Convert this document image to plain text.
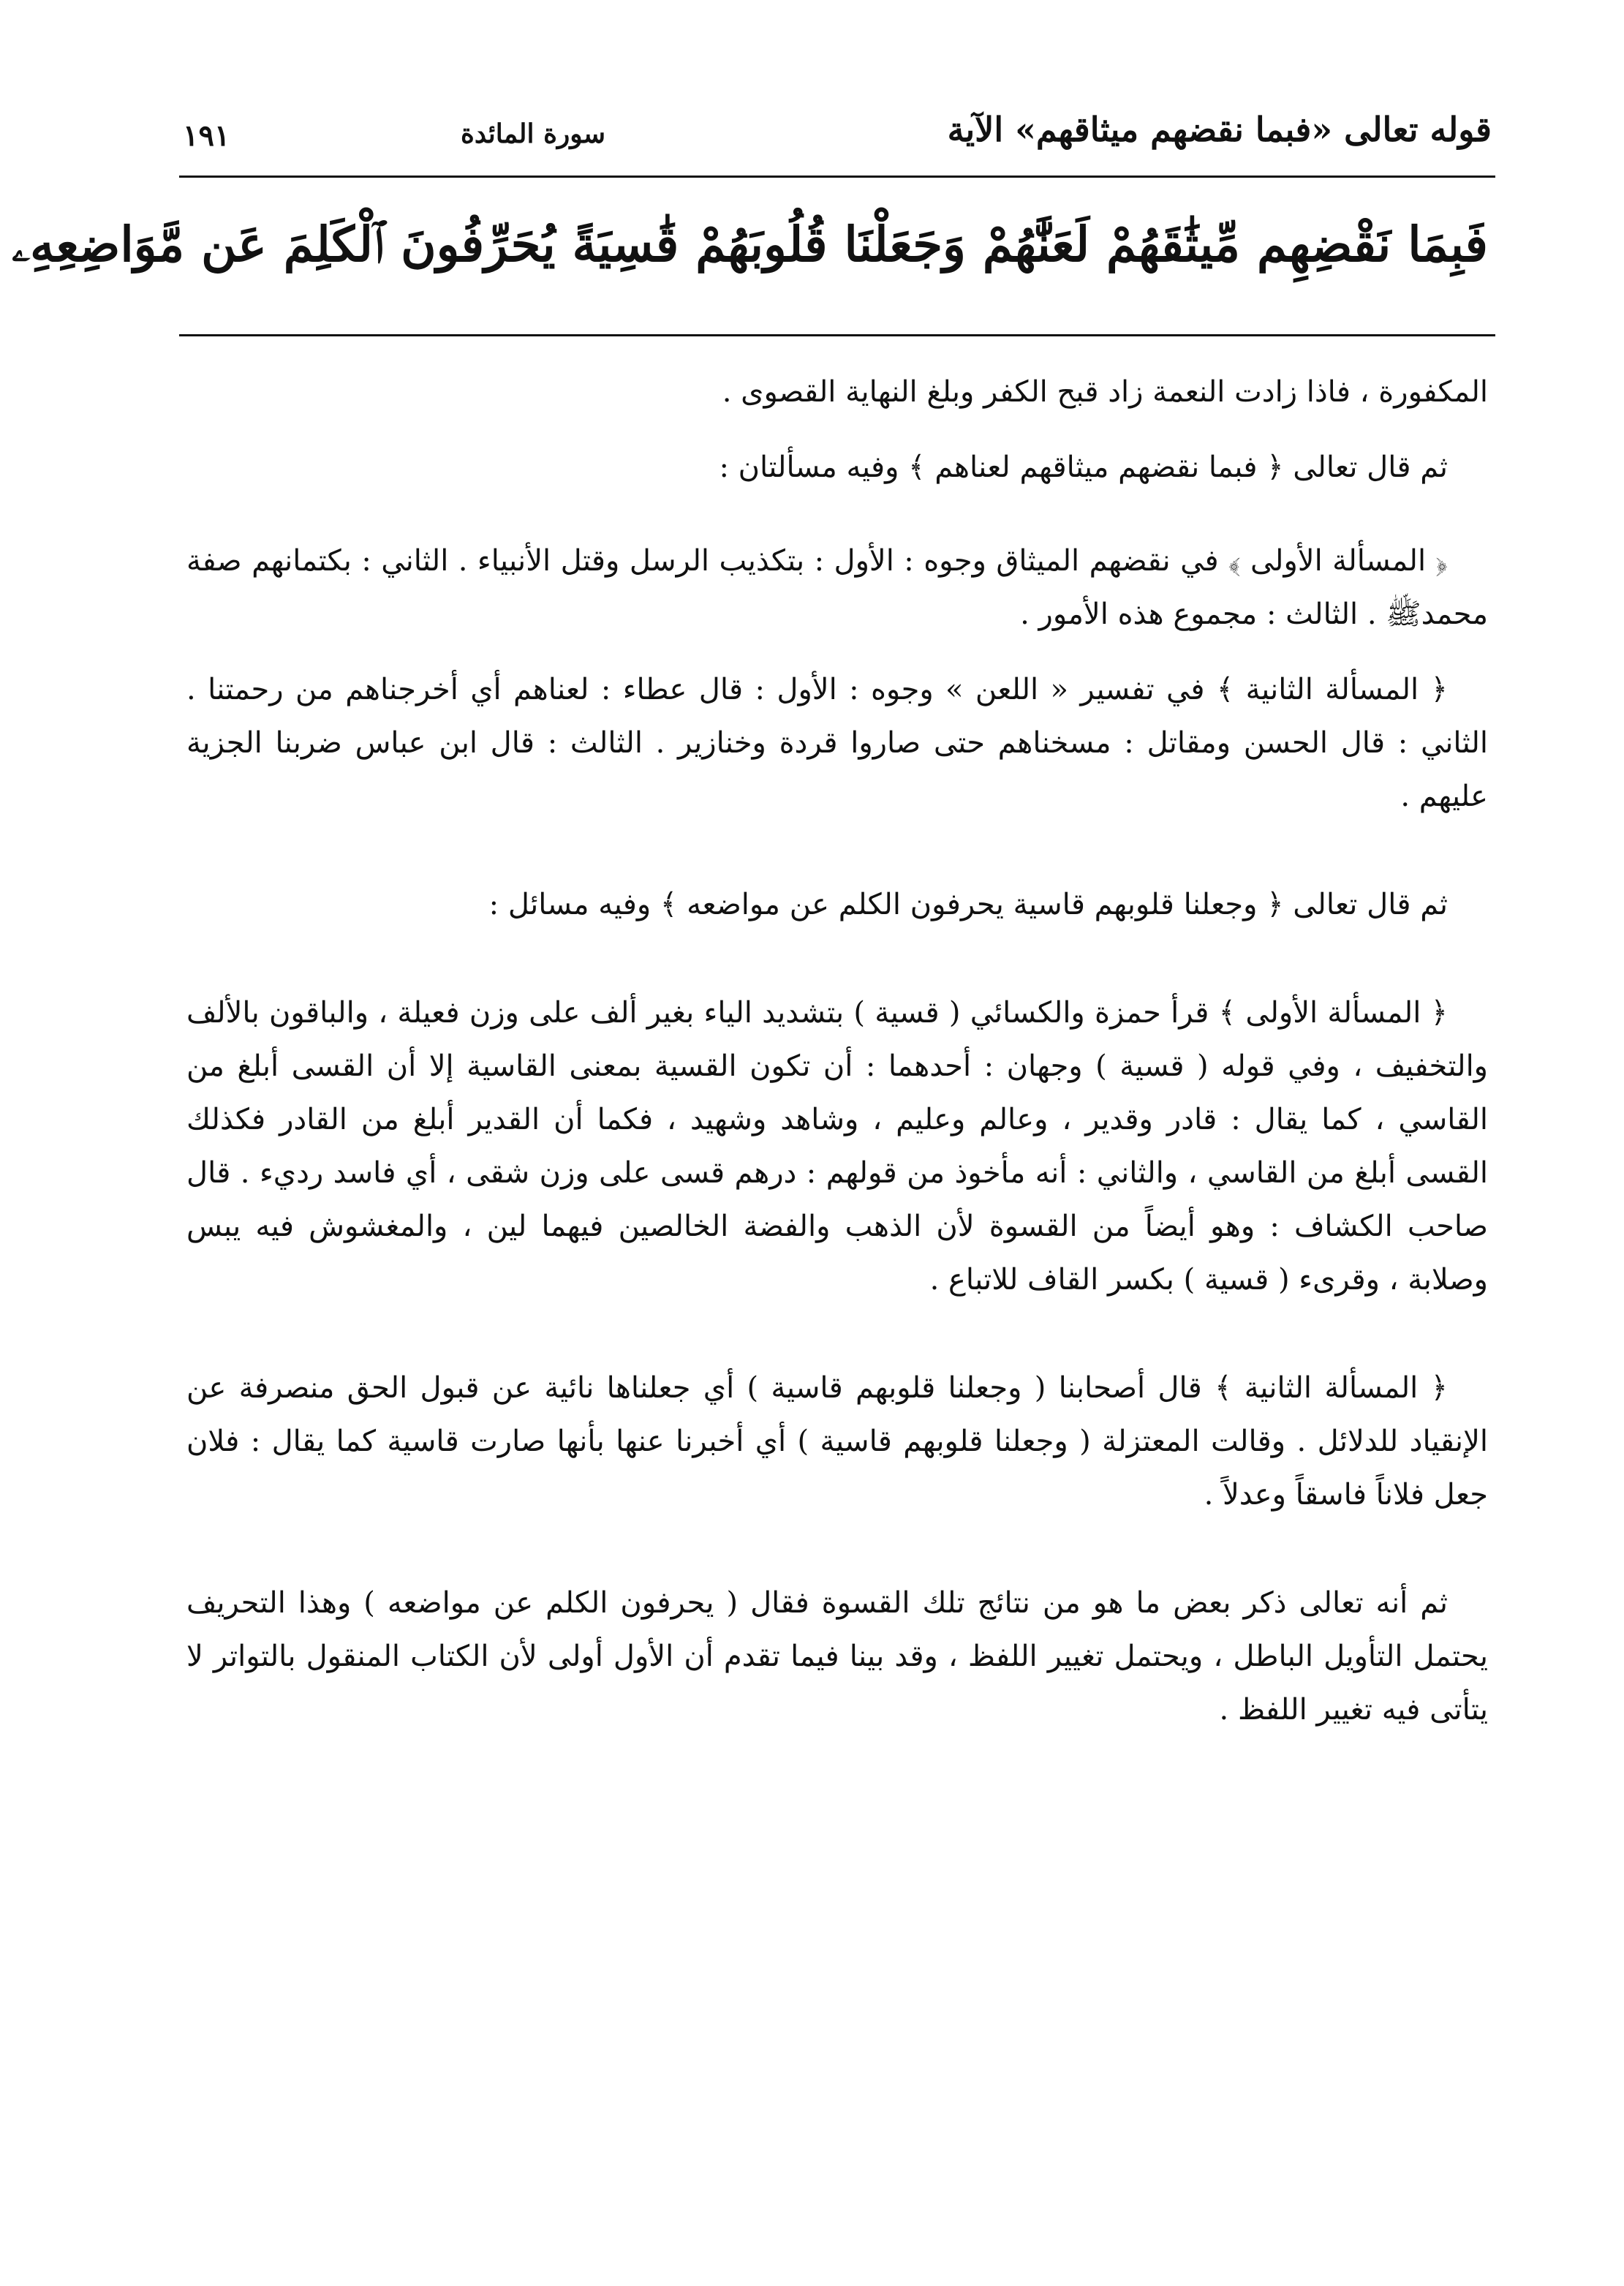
قوله تعالى «فبما نقضهم ميثاقهم» الآية
سورة المائدة
١٩١
فَبِمَا نَقْضِهِم مِّيثَٰقَهُمْ لَعَنَّٰهُمْ وَجَعَلْنَا قُلُوبَهُمْ قَٰسِيَةً يُحَرِّفُونَ ٱلْكَلِمَ عَن مَّوَاضِعِهِۦ

المكفورة ، فاذا زادت النعمة زاد قبح الكفر وبلغ النهاية القصوى .

ثم قال تعالى ﴿ فبما نقضهم ميثاقهم لعناهم ﴾ وفيه مسألتان :

﴿ المسألة الأولى ﴾ في نقضهم الميثاق وجوه : الأول : بتكذيب الرسل وقتل الأنبياء . الثاني : بكتمانهم صفة محمدﷺ . الثالث : مجموع هذه الأمور .

﴿ المسألة الثانية ﴾ في تفسير « اللعن » وجوه : الأول : قال عطاء : لعناهم أي أخرجناهم من رحمتنا . الثاني : قال الحسن ومقاتل : مسخناهم حتى صاروا قردة وخنازير . الثالث : قال ابن عباس ضربنا الجزية عليهم .

ثم قال تعالى ﴿ وجعلنا قلوبهم قاسية يحرفون الكلم عن مواضعه ﴾ وفيه مسائل :

﴿ المسألة الأولى ﴾ قرأ حمزة والكسائي ( قسية ) بتشديد الياء بغير ألف على وزن فعيلة ، والباقون بالألف والتخفيف ، وفي قوله ( قسية ) وجهان : أحدهما : أن تكون القسية بمعنى القاسية إلا أن القسى أبلغ من القاسي ، كما يقال : قادر وقدير ، وعالم وعليم ، وشاهد وشهيد ، فكما أن القدير أبلغ من القادر فكذلك القسى أبلغ من القاسي ، والثاني : أنه مأخوذ من قولهم : درهم قسى على وزن شقى ، أي فاسد رديء . قال صاحب الكشاف : وهو أيضاً من القسوة لأن الذهب والفضة الخالصين فيهما لين ، والمغشوش فيه يبس وصلابة ، وقرىء ( قسية ) بكسر القاف للاتباع .

﴿ المسألة الثانية ﴾ قال أصحابنا ( وجعلنا قلوبهم قاسية ) أي جعلناها نائية عن قبول الحق منصرفة عن الإنقياد للدلائل . وقالت المعتزلة ( وجعلنا قلوبهم قاسية ) أي أخبرنا عنها بأنها صارت قاسية كما يقال : فلان جعل فلاناً فاسقاً وعدلاً .

ثم أنه تعالى ذكر بعض ما هو من نتائج تلك القسوة فقال ( يحرفون الكلم عن مواضعه ) وهذا التحريف يحتمل التأويل الباطل ، ويحتمل تغيير اللفظ ، وقد بينا فيما تقدم أن الأول أولى لأن الكتاب المنقول بالتواتر لا يتأتى فيه تغيير اللفظ .
